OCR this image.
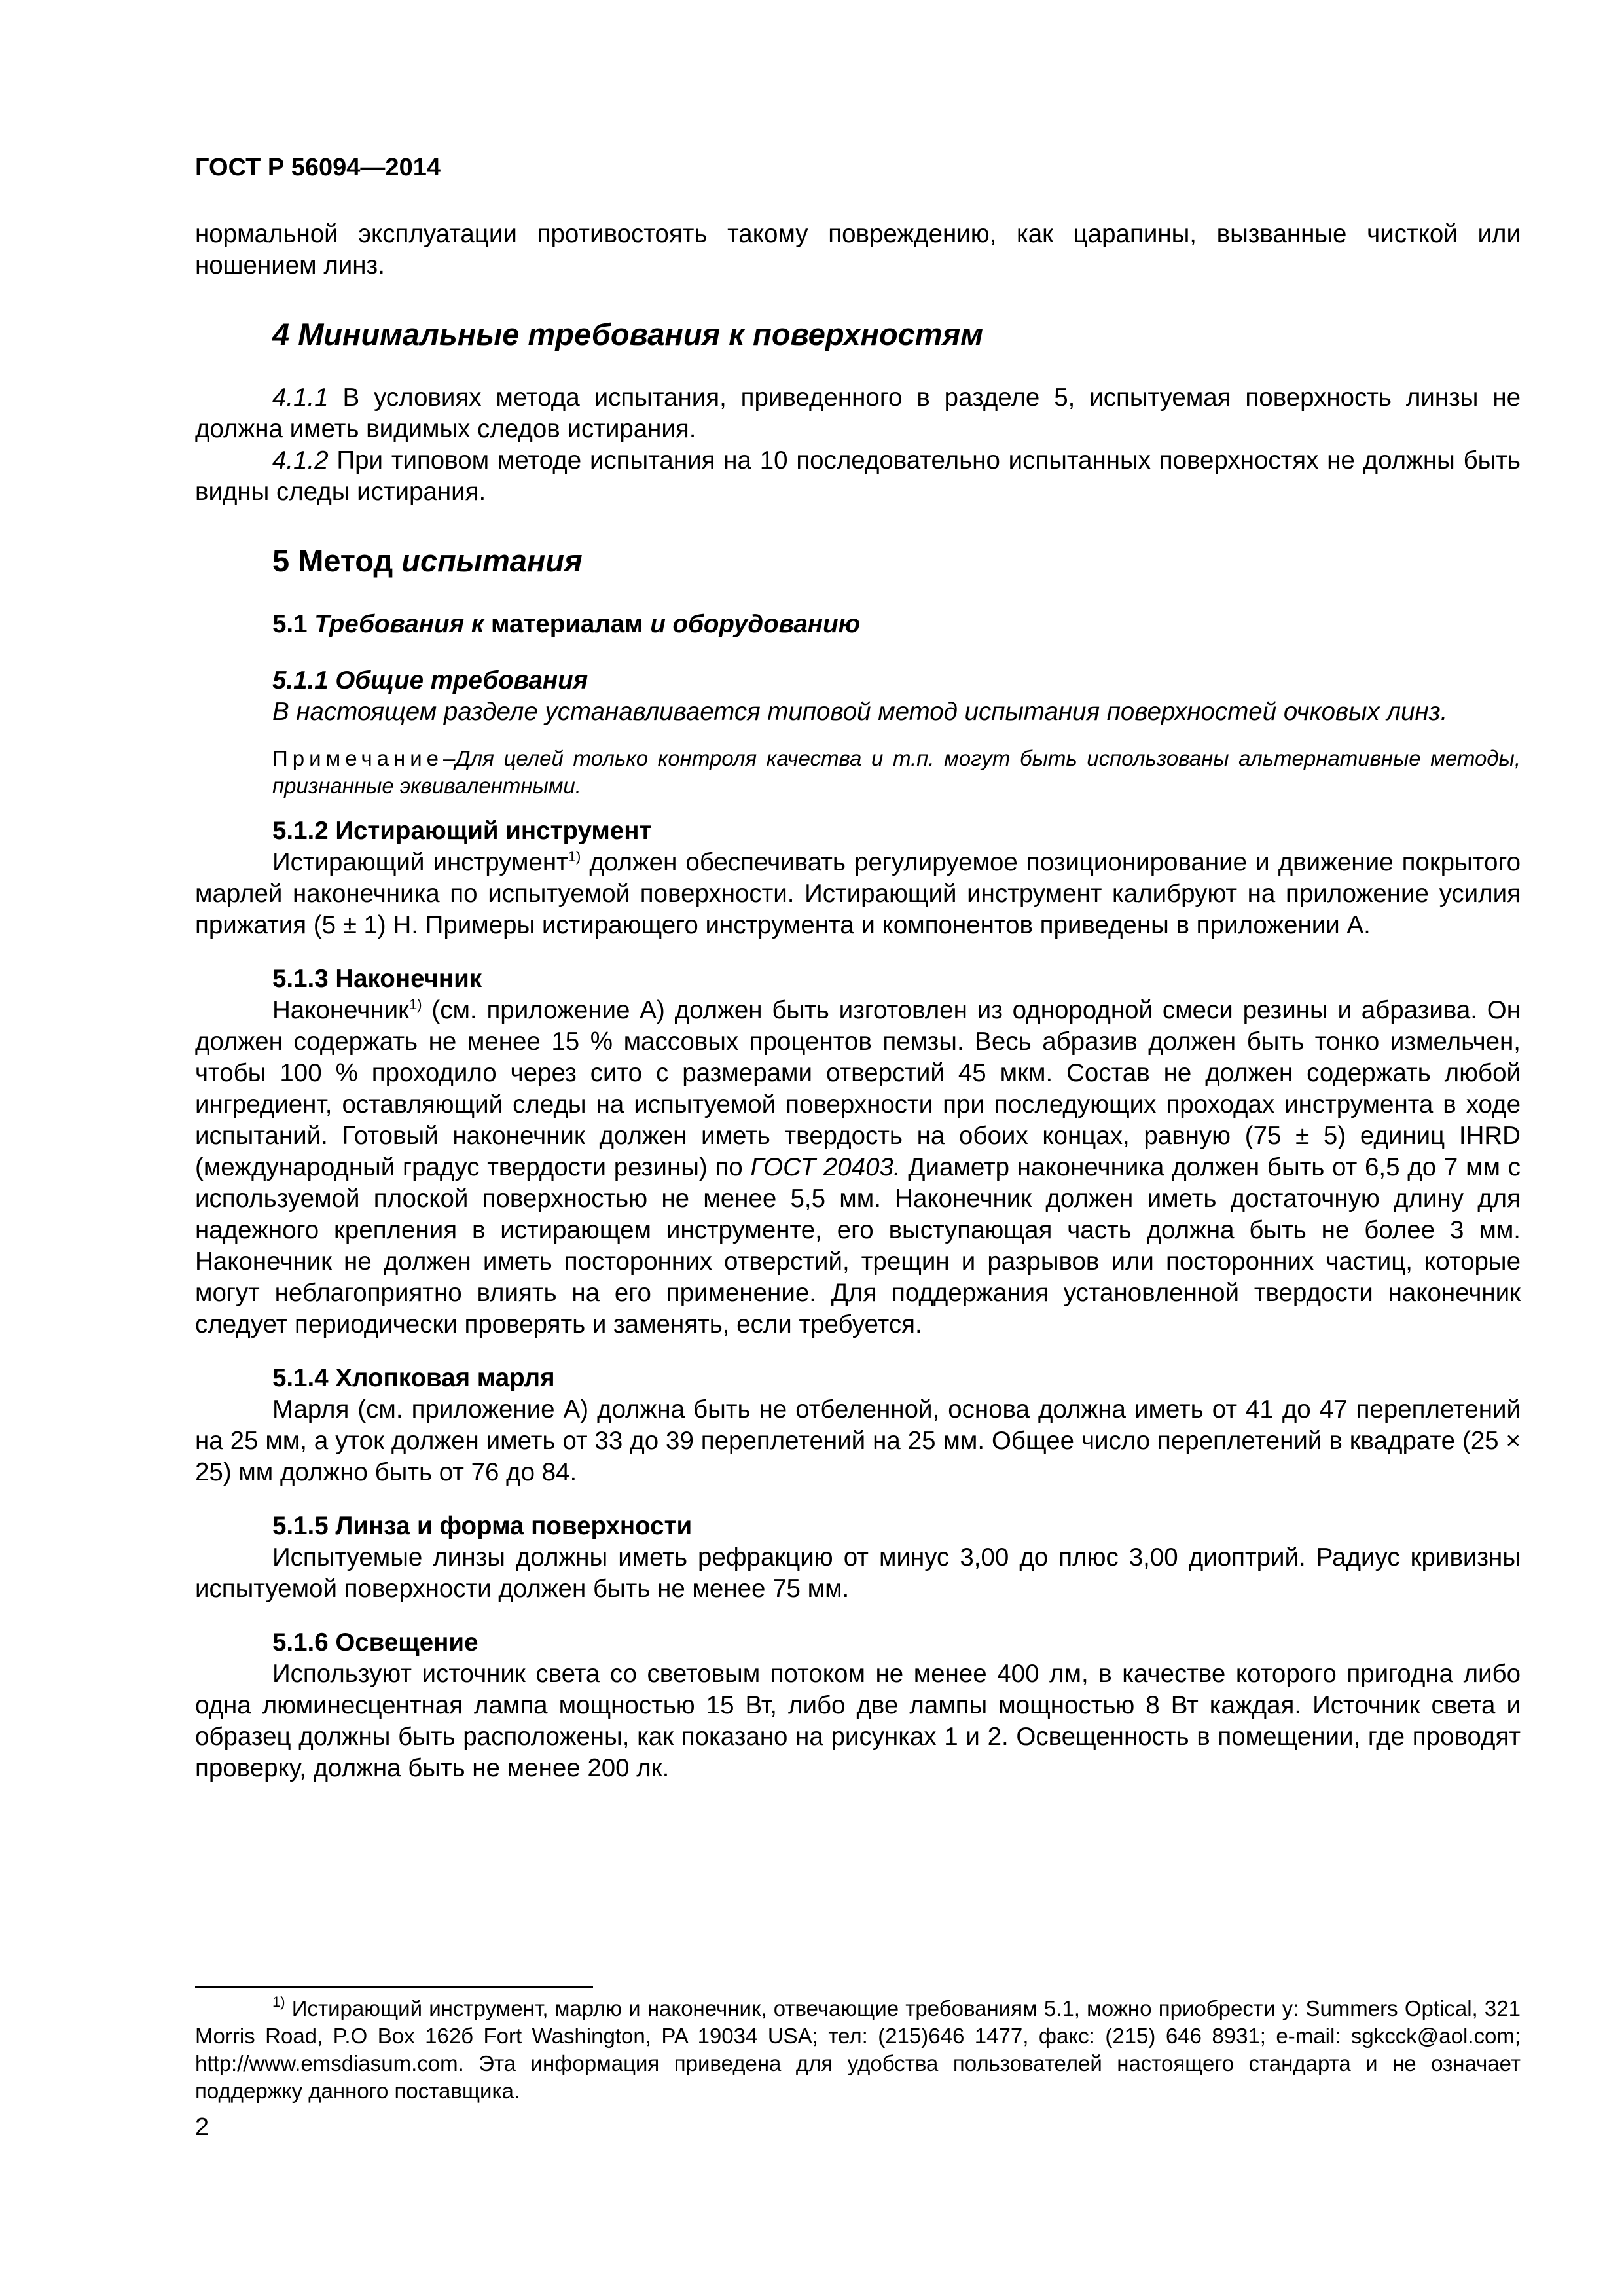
ГОСТ Р 56094—2014

нормальной эксплуатации противостоять такому повреждению, как царапины, вызванные чисткой или ношением линз.

4 Минимальные требования к поверхностям

4.1.1 В условиях метода испытания, приведенного в разделе 5, испытуемая поверхность линзы не должна иметь видимых следов истирания.

4.1.2 При типовом методе испытания на 10 последовательно испытанных поверхностях не должны быть видны следы истирания.

5 Метод испытания
5.1 Требования к материалам и оборудованию
5.1.1 Общие требования

В настоящем разделе устанавливается типовой метод испытания поверхностей очковых линз.

Примечание–Для целей только контроля качества и т.п. могут быть использованы альтернативные методы, признанные эквивалентными.

5.1.2 Истирающий инструмент

Истирающий инструмент$^{1)}$ должен обеспечивать регулируемое позиционирование и движение покрытого марлей наконечника по испытуемой поверхности. Истирающий инструмент калибруют на приложение усилия прижатия (5 ± 1) Н. Примеры истирающего инструмента и компонентов приведены в приложении А.

5.1.3 Наконечник

Наконечник$^{1)}$ (см. приложение А) должен быть изготовлен из однородной смеси резины и абразива. Он должен содержать не менее 15 % массовых процентов пемзы. Весь абразив должен быть тонко измельчен, чтобы 100 % проходило через сито с размерами отверстий 45 мкм. Состав не должен содержать любой ингредиент, оставляющий следы на испытуемой поверхности при последующих проходах инструмента в ходе испытаний. Готовый наконечник должен иметь твердость на обоих концах, равную (75 ± 5) единиц IHRD (международный градус твердости резины) по ГОСТ 20403. Диаметр наконечника должен быть от 6,5 до 7 мм с используемой плоской поверхностью не менее 5,5 мм. Наконечник должен иметь достаточную длину для надежного крепления в истирающем инструменте, его выступающая часть должна быть не более 3 мм. Наконечник не должен иметь посторонних отверстий, трещин и разрывов или посторонних частиц, которые могут неблагоприятно влиять на его применение. Для поддержания установленной твердости наконечник следует периодически проверять и заменять, если требуется.

5.1.4 Хлопковая марля

Марля (см. приложение А) должна быть не отбеленной, основа должна иметь от 41 до 47 переплетений на 25 мм, а уток должен иметь от 33 до 39 переплетений на 25 мм. Общее число переплетений в квадрате (25 × 25) мм должно быть от 76 до 84.

5.1.5 Линза и форма поверхности

Испытуемые линзы должны иметь рефракцию от минус 3,00 до плюс 3,00 диоптрий. Радиус кривизны испытуемой поверхности должен быть не менее 75 мм.

5.1.6 Освещение

Используют источник света со световым потоком не менее 400 лм, в качестве которого пригодна либо одна люминесцентная лампа мощностью 15 Вт, либо две лампы мощностью 8 Вт каждая. Источник света и образец должны быть расположены, как показано на рисунках 1 и 2. Освещенность в помещении, где проводят проверку, должна быть не менее 200 лк.

$^{1)}$ Истирающий инструмент, марлю и наконечник, отвечающие требованиям 5.1, можно приобрести у: Summers Optical, 321 Morris Road, P.O Box 162б Fort Washington, PA 19034 USA; тел: (215)646 1477, факс: (215) 646 8931; e-mail: sgkcck@aol.com; http://www.emsdiasum.com. Эта информация приведена для удобства пользователей настоящего стандарта и не означает поддержку данного поставщика.

2
